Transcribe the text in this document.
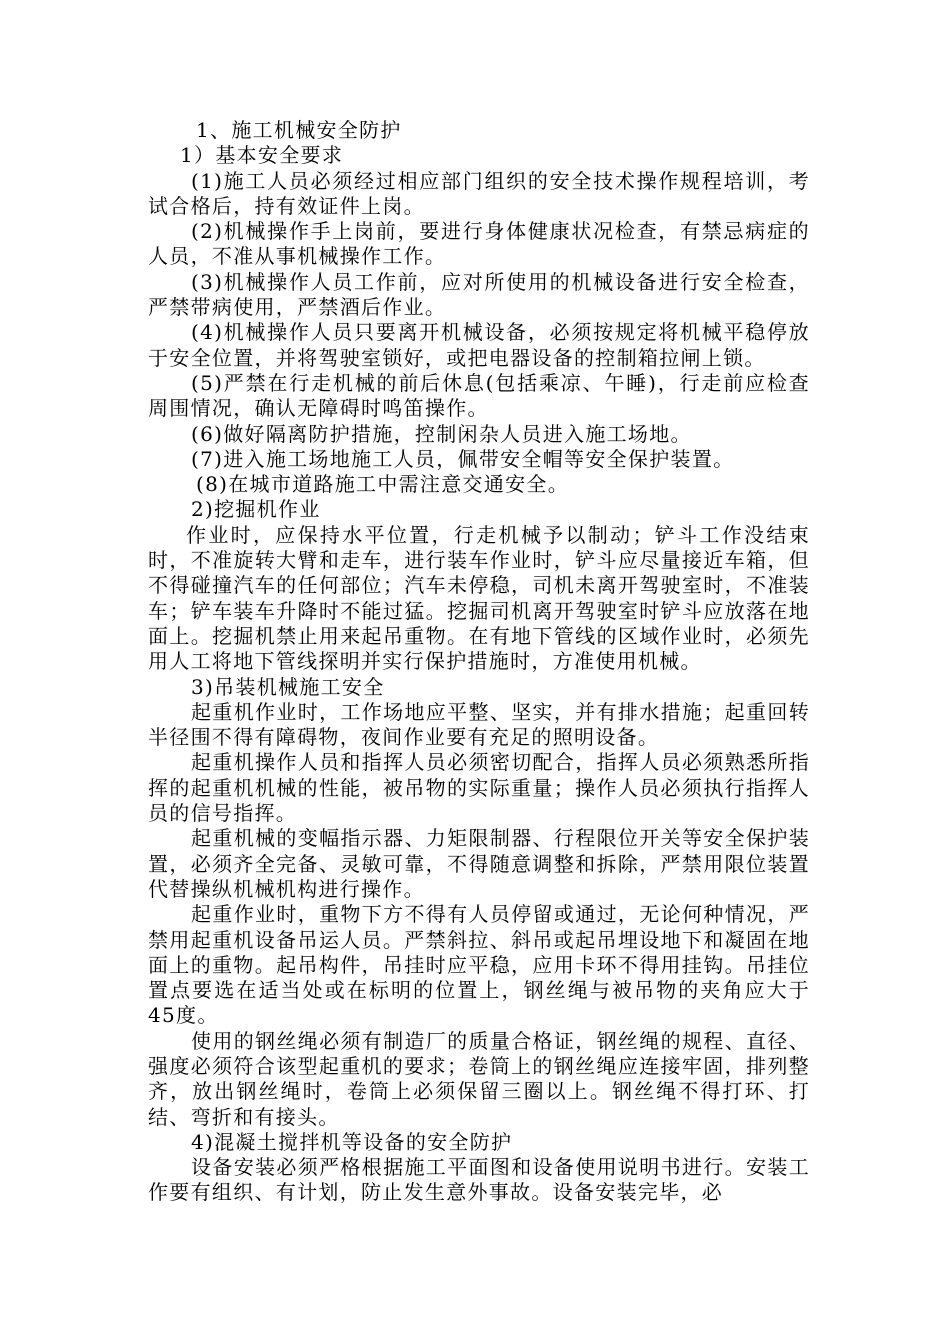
1、施工机械安全防护

1）基本安全要求

(1)施工人员必须经过相应部门组织的安全技术操作规程培训，考试合格后，持有效证件上岗。

(2)机械操作手上岗前，要进行身体健康状况检查，有禁忌病症的人员，不准从事机械操作工作。

(3)机械操作人员工作前，应对所使用的机械设备进行安全检查，严禁带病使用，严禁酒后作业。

(4)机械操作人员只要离开机械设备，必须按规定将机械平稳停放于安全位置，并将驾驶室锁好，或把电器设备的控制箱拉闸上锁。

(5)严禁在行走机械的前后休息(包括乘凉、午睡)，行走前应检查周围情况，确认无障碍时鸣笛操作。

(6)做好隔离防护措施，控制闲杂人员进入施工场地。

(7)进入施工场地施工人员，佩带安全帽等安全保护装置。

(8)在城市道路施工中需注意交通安全。

2)挖掘机作业

作业时，应保持水平位置，行走机械予以制动；铲斗工作没结束时，不准旋转大臂和走车，进行装车作业时，铲斗应尽量接近车箱，但不得碰撞汽车的任何部位；汽车未停稳，司机未离开驾驶室时，不准装车；铲车装车升降时不能过猛。挖掘司机离开驾驶室时铲斗应放落在地面上。挖掘机禁止用来起吊重物。在有地下管线的区域作业时，必须先用人工将地下管线探明并实行保护措施时，方准使用机械。

3)吊装机械施工安全

起重机作业时，工作场地应平整、坚实，并有排水措施；起重回转半径围不得有障碍物，夜间作业要有充足的照明设备。

起重机操作人员和指挥人员必须密切配合，指挥人员必须熟悉所指挥的起重机机械的性能，被吊物的实际重量；操作人员必须执行指挥人员的信号指挥。

起重机械的变幅指示器、力矩限制器、行程限位开关等安全保护装置，必须齐全完备、灵敏可靠，不得随意调整和拆除，严禁用限位装置代替操纵机械机构进行操作。

起重作业时，重物下方不得有人员停留或通过，无论何种情况，严禁用起重机设备吊运人员。严禁斜拉、斜吊或起吊埋设地下和凝固在地面上的重物。起吊构件，吊挂时应平稳，应用卡环不得用挂钩。吊挂位置点要选在适当处或在标明的位置上，钢丝绳与被吊物的夹角应大于45度。

使用的钢丝绳必须有制造厂的质量合格证，钢丝绳的规程、直径、强度必须符合该型起重机的要求；卷筒上的钢丝绳应连接牢固，排列整齐，放出钢丝绳时，卷筒上必须保留三圈以上。钢丝绳不得打环、打结、弯折和有接头。

4)混凝土搅拌机等设备的安全防护

设备安装必须严格根据施工平面图和设备使用说明书进行。安装工作要有组织、有计划，防止发生意外事故。设备安装完毕，必
